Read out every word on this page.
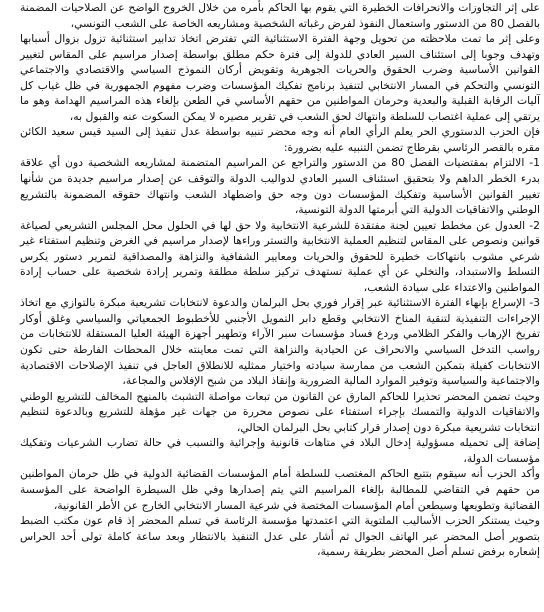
على إثر التجاوزات والانحرافات الخطيرة التي يقوم بها الحاكم بأمره من خلال الخروج الواضح عن الصلاحيات المضمنة بالفصل 80 من الدستور واستعمال النفوذ لفرض رغباته الشخصية ومشاريعه الخاصة على الشعب التونسي،

وعلى إثر ما تمت ملاحظته من تحويل وجهة الفترة الاستثنائية التي تفترض اتخاذ تدابير استثنائية تزول بزوال أسبابها وتهدف وجوبا إلى استئناف السير العادي للدولة إلى فترة حكم مطلق بواسطة إصدار مراسيم على المقاس لتغيير القوانين الأساسية وضرب الحقوق والحريات الجوهرية وتقويض أركان النموذج السياسي والاقتصادي والاجتماعي التونسي والتحكم في المسار الانتخابي لتنفيذ برنامج تفكيك المؤسسات وضرب مفهوم الجمهورية في ظل غياب كل آليات الرقابة القبلية والبعدية وحرمان المواطنين من حقهم الأساسي في الطعن بإلغاء هذه المراسيم الهدامة وهو ما يرتقي إلى عملية اغتصاب للسلطة وانتهاك لحق الشعب في تقرير مصيره لا يمكن السكوت عنه والقبول به،

فإن الحزب الدستوري الحر يعلم الرأي العام أنه وجه محضر تنبيه بواسطة عدل تنفيذ إلى السيد قيس سعيد الكائن مقره بالقصر الرئاسي بقرطاج تضمن التنبيه عليه بضرورة:

1- الالتزام بمقتضيات الفصل 80 من الدستور والتراجع عن المراسيم المتضمنة لمشاريعه الشخصية دون أي علاقة بدرء الخطر الداهم ولا بتحقيق استئناف السير العادي لدواليب الدولة والتوقف عن إصدار مراسيم جديدة من شأنها تغيير القوانين الأساسية وتفكيك المؤسسات دون وجه حق واضطهاد الشعب وانتهاك حقوقه المضمونة بالتشريع الوطني والاتفاقيات الدولية التي أبرمتها الدولة التونسية،

2- العدول عن مخطط تعيين لجنة مفتقدة للشرعية الانتخابية ولا حق لها في الحلول محل المجلس التشريعي لصياغة قوانين ونصوص على المقاس لتنظيم العملية الانتخابية والتستر وراءها لإصدار مراسيم في الغرض وتنظيم استفتاء غير شرعي مشوب بانتهاكات خطيرة للحقوق والحريات ومعايير الشفافية والنزاهة والمصداقية لتمرير دستور يكرس التسلط والاستبداد، والتخلي عن أي عملية تستهدف تركيز سلطة مطلقة وتمرير إرادة شخصية على حساب إرادة المواطنين والاعتداء على سيادة الشعب،

3- الإسراع بإنهاء الفترة الاستثنائية عبر إقرار فوري بحل البرلمان والدعوة لانتخابات تشريعية مبكرة بالتوازي مع اتخاذ الإجراءات التنفيذية لتنقية المناخ الانتخابي وقطع دابر التمويل الأجنبي للأخطبوط الجمعياتي والسياسي وغلق أوكار تفريخ الإرهاب والفكر الظلامي وردع فساد مؤسسات سبر الآراء وتطهير أجهزة الهيئة العليا المستقلة للانتخابات من رواسب التدخل السياسي والانحراف عن الحيادية والنزاهة التي تمت معاينته خلال المحطات الفارطة حتى تكون الانتخابات كفيلة بتمكين الشعب من ممارسة سيادته واختيار ممثليه للانطلاق العاجل في تنفيذ الإصلاحات الاقتصادية والاجتماعية والسياسية وتوفير الموارد المالية الضرورية وإنقاذ البلاد من شبح الإفلاس والمجاعة،

وحيث تضمن المحضر تحذيرا للحاكم المارق عن القانون من تبعات مواصلة التشبث بالمنهج المخالف للتشريع الوطني والاتفاقيات الدولية والتمسك بإجراء استفتاء على نصوص محررة من جهات غير مؤهلة للتشريع وبالدعوة لتنظيم انتخابات تشريعية مبكرة دون إصدار قرار كتابي بحل البرلمان الحالي،

إضافة إلى تحميله مسؤولية إدخال البلاد في متاهات قانونية وإجرائية والتسبب في حالة تضارب الشرعيات وتفكيك مؤسسات الدولة،

وأكد الحزب أنه سيقوم بتتبع الحاكم المغتصب للسلطة أمام المؤسسات القضائية الدولية في ظل حرمان المواطنين من حقهم في التقاضي للمطالبة بإلغاء المراسيم التي يتم إصدارها وفي ظل السيطرة الواضحة على المؤسسة القضائية وتطويعها وسيطعن أمام المؤسسات المختصة في شرعية المسار الانتخابي الخارج عن الأطر القانونية،

وحيث يستنكر الحزب الأساليب الملتوية التي اعتمدتها مؤسسة الرئاسة في تسلم المحضر إذ قام عون مكتب الضبط بتصوير أصل المحضر عبر الهاتف الجوال ثم أشار على عدل التنفيذ بالانتظار وبعد ساعة كاملة تولى أحد الحراس إشعاره برفض تسلم أصل المحضر بطريقة رسمية،
